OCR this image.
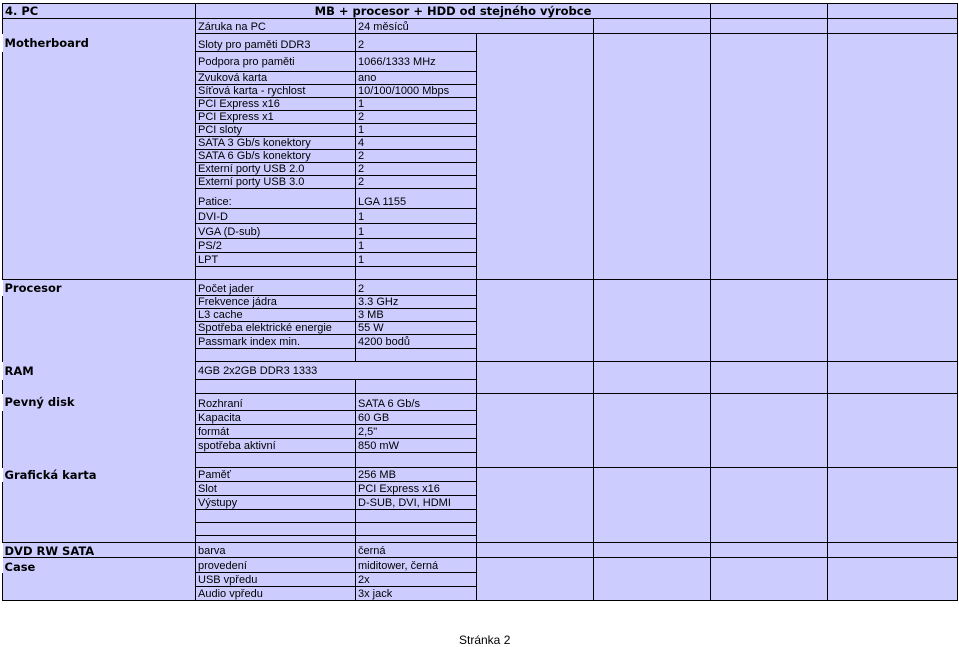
4. PC	MB + procesor + HDD od stejného výrobce					
	Záruka na PC	24 měsíců				
Motherboard	Sloty pro paměti DDR3	2				
	Podpora pro paměti	1066/1333 MHz				
	Zvuková karta	ano				
	Síťová karta - rychlost	10/100/1000 Mbps				
	PCI Express x16	1				
	PCI Express x1	2				
	PCI sloty	1				
	SATA 3 Gb/s konektory	4				
	SATA 6 Gb/s konektory	2				
	Externí porty USB 2.0	2				
	Externí porty USB 3.0	2				
	Patice:	LGA 1155				
	DVI-D	1				
	VGA (D-sub)	1				
	PS/2	1				
	LPT	1				

Procesor	Počet jader	2				
	Frekvence jádra	3.3 GHz				
	L3 cache	3 MB				
	Spotřeba elektrické energie	55 W				
	Passmark index min.	4200 bodů				

RAM	4GB 2x2GB DDR3 1333					

Pevný disk	Rozhraní	SATA 6 Gb/s				
	Kapacita	60 GB				
	formát	2,5"				
	spotřeba aktivní	850 mW				

Grafická karta	Paměť	256 MB				
	Slot	PCI Express x16				
	Výstupy	D-SUB, DVI, HDMI				

DVD RW SATA	barva	černá				
Case	provedení	miditower, černá				
	USB vpředu	2x				
	Audio vpředu	3x jack				
Stránka 2
